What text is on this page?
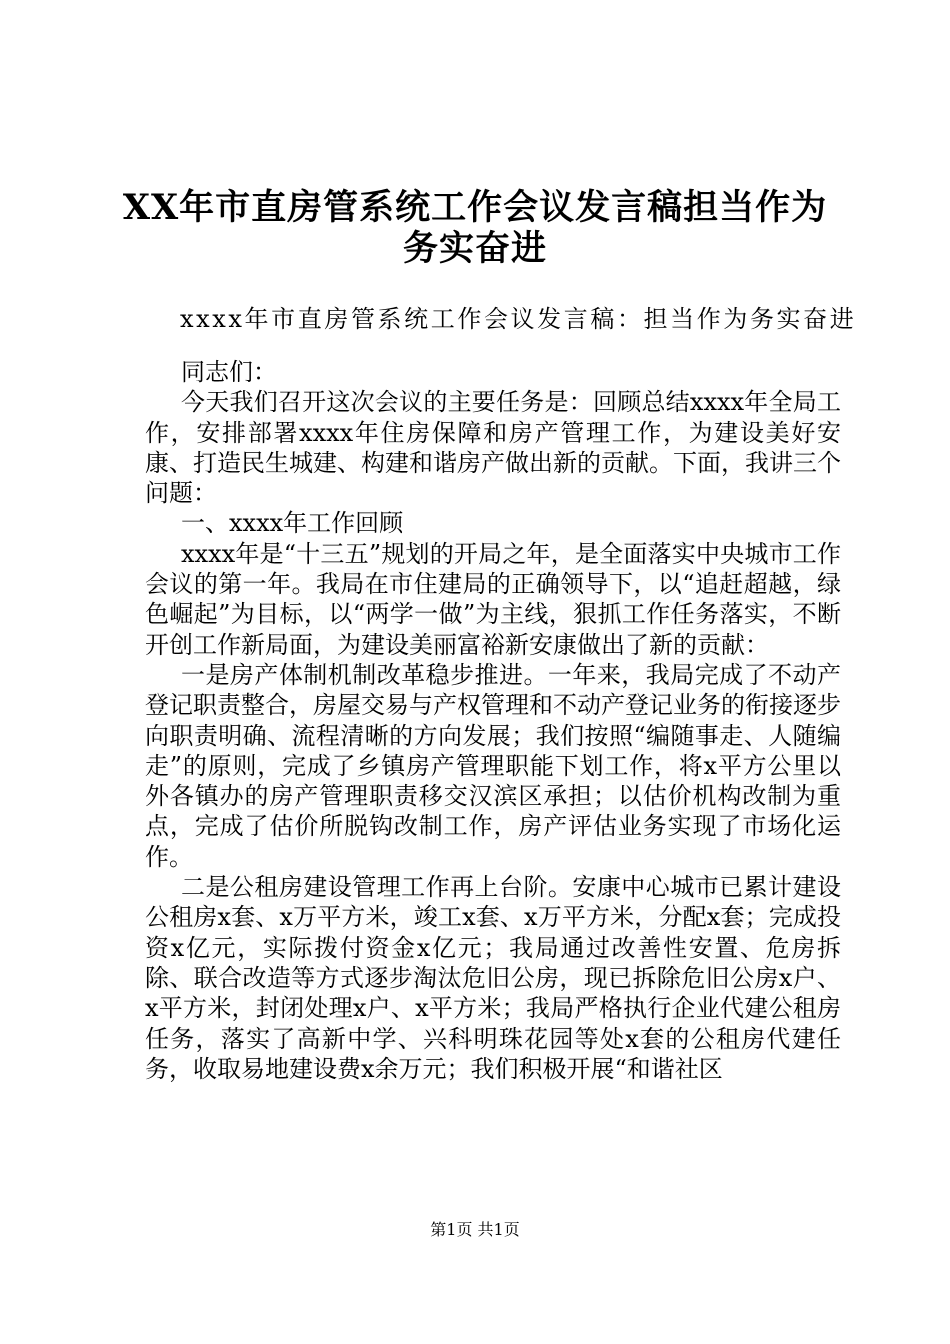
XX年市直房管系统工作会议发言稿担当作为
务实奋进
xxxx年市直房管系统工作会议发言稿：担当作为务实奋进

同志们：

今天我们召开这次会议的主要任务是：回顾总结xxxx年全局工作，安排部署xxxx年住房保障和房产管理工作，为建设美好安康、打造民生城建、构建和谐房产做出新的贡献。下面，我讲三个问题：

一、xxxx年工作回顾

xxxx年是“十三五”规划的开局之年，是全面落实中央城市工作会议的第一年。我局在市住建局的正确领导下，以“追赶超越，绿色崛起”为目标，以“两学一做”为主线，狠抓工作任务落实，不断开创工作新局面，为建设美丽富裕新安康做出了新的贡献：

一是房产体制机制改革稳步推进。一年来，我局完成了不动产登记职责整合，房屋交易与产权管理和不动产登记业务的衔接逐步向职责明确、流程清晰的方向发展；我们按照“编随事走、人随编走”的原则，完成了乡镇房产管理职能下划工作，将x平方公里以外各镇办的房产管理职责移交汉滨区承担；以估价机构改制为重点，完成了估价所脱钩改制工作，房产评估业务实现了市场化运作。

二是公租房建设管理工作再上台阶。安康中心城市已累计建设公租房x套、x万平方米，竣工x套、x万平方米，分配x套；完成投资x亿元，实际拨付资金x亿元；我局通过改善性安置、危房拆除、联合改造等方式逐步淘汰危旧公房，现已拆除危旧公房x户、x平方米，封闭处理x户、x平方米；我局严格执行企业代建公租房任务，落实了高新中学、兴科明珠花园等处x套的公租房代建任务，收取易地建设费x余万元；我们积极开展“和谐社区

第1页 共1页
